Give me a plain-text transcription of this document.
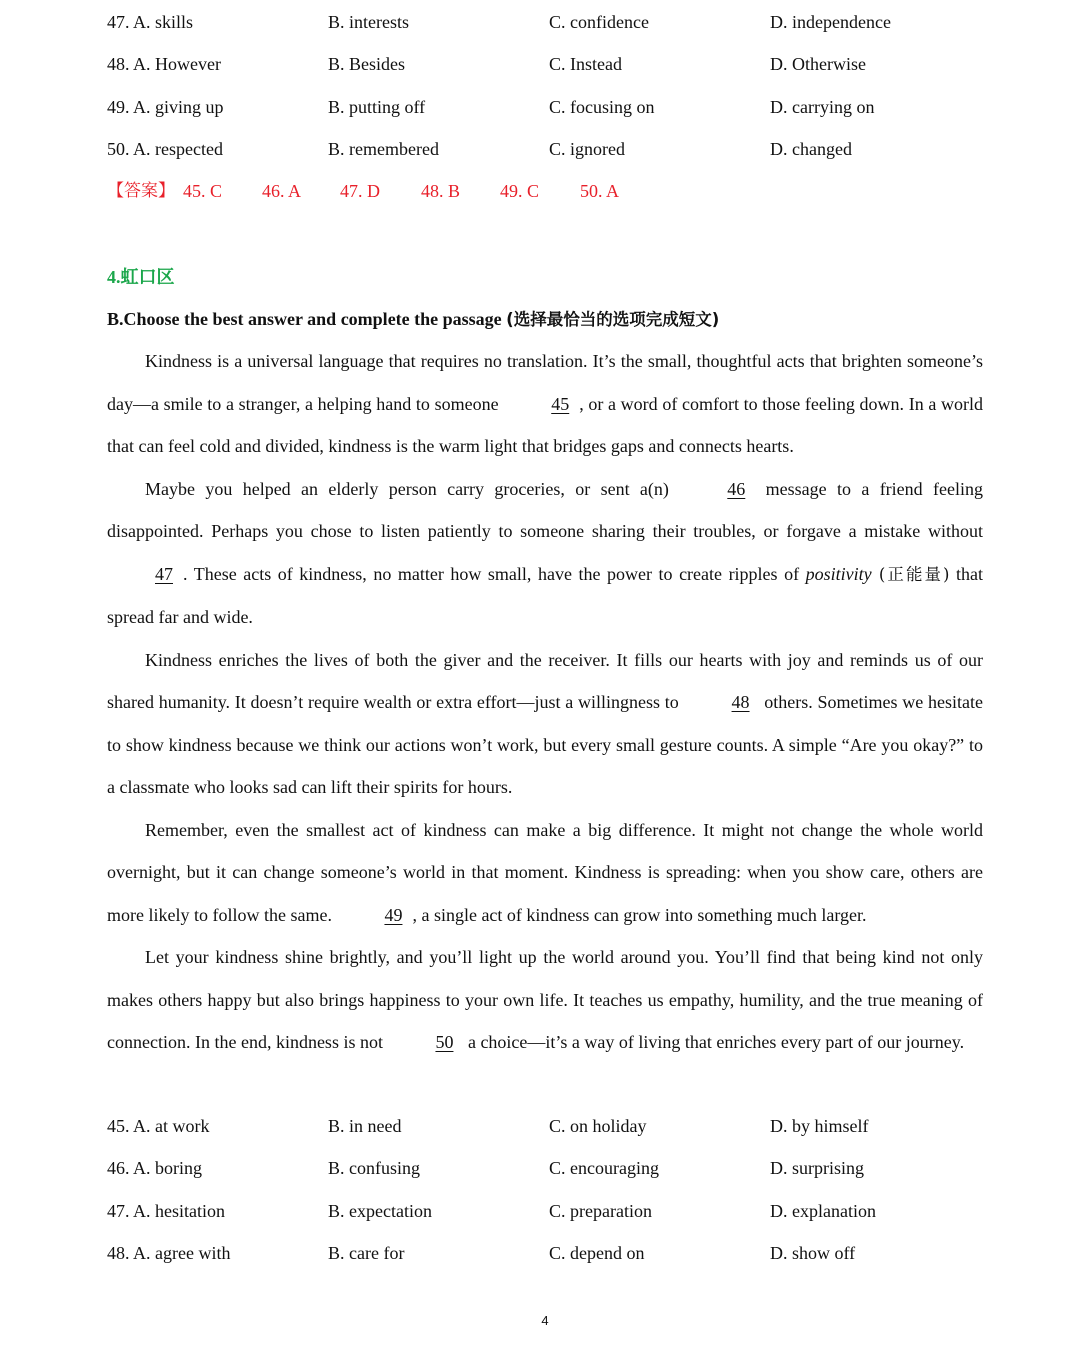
47. A. skills	B. interests	C. confidence	D. independence
48. A. However	B. Besides	C. Instead	D. Otherwise
49. A. giving up	B. putting off	C. focusing on	D. carrying on
50. A. respected	B. remembered	C. ignored	D. changed
【答案】 45. C 46. A 47. D 48. B 49. C 50. A
4.虹口区
B.Choose the best answer and complete the passage (选择最恰当的选项完成短文)

Kindness is a universal language that requires no translation. It’s the small, thoughtful acts that brighten someone’s day—a smile to a stranger, a helping hand to someone	45 , or a word of comfort to those feeling down. In a world that can feel cold and divided, kindness is the warm light that bridges gaps and connects hearts.

Maybe you helped an elderly person carry groceries, or sent a(n)	46 message to a friend feeling disappointed. Perhaps you chose to listen patiently to someone sharing their troubles, or forgave a mistake without 47 . These acts of kindness, no matter how small, have the power to create ripples of positivity (正能量) that spread far and wide.

Kindness enriches the lives of both the giver and the receiver. It fills our hearts with joy and reminds us of our shared humanity. It doesn’t require wealth or extra effort—just a willingness to	48 others. Sometimes we hesitate to show kindness because we think our actions won’t work, but every small gesture counts. A simple “Are you okay?” to a classmate who looks sad can lift their spirits for hours.

Remember, even the smallest act of kindness can make a big difference. It might not change the whole world overnight, but it can change someone’s world in that moment. Kindness is spreading: when you show care, others are more likely to follow the same.	49 , a single act of kindness can grow into something much larger.

Let your kindness shine brightly, and you’ll light up the world around you. You’ll find that being kind not only makes others happy but also brings happiness to your own life. It teaches us empathy, humility, and the true meaning of connection. In the end, kindness is not	50 a choice—it’s a way of living that enriches every part of our journey.

45. A. at work	B. in need	C. on holiday	D. by himself
46. A. boring	B. confusing	C. encouraging	D. surprising
47. A. hesitation	B. expectation	C. preparation	D. explanation
48. A. agree with	B. care for	C. depend on	D. show off
4
